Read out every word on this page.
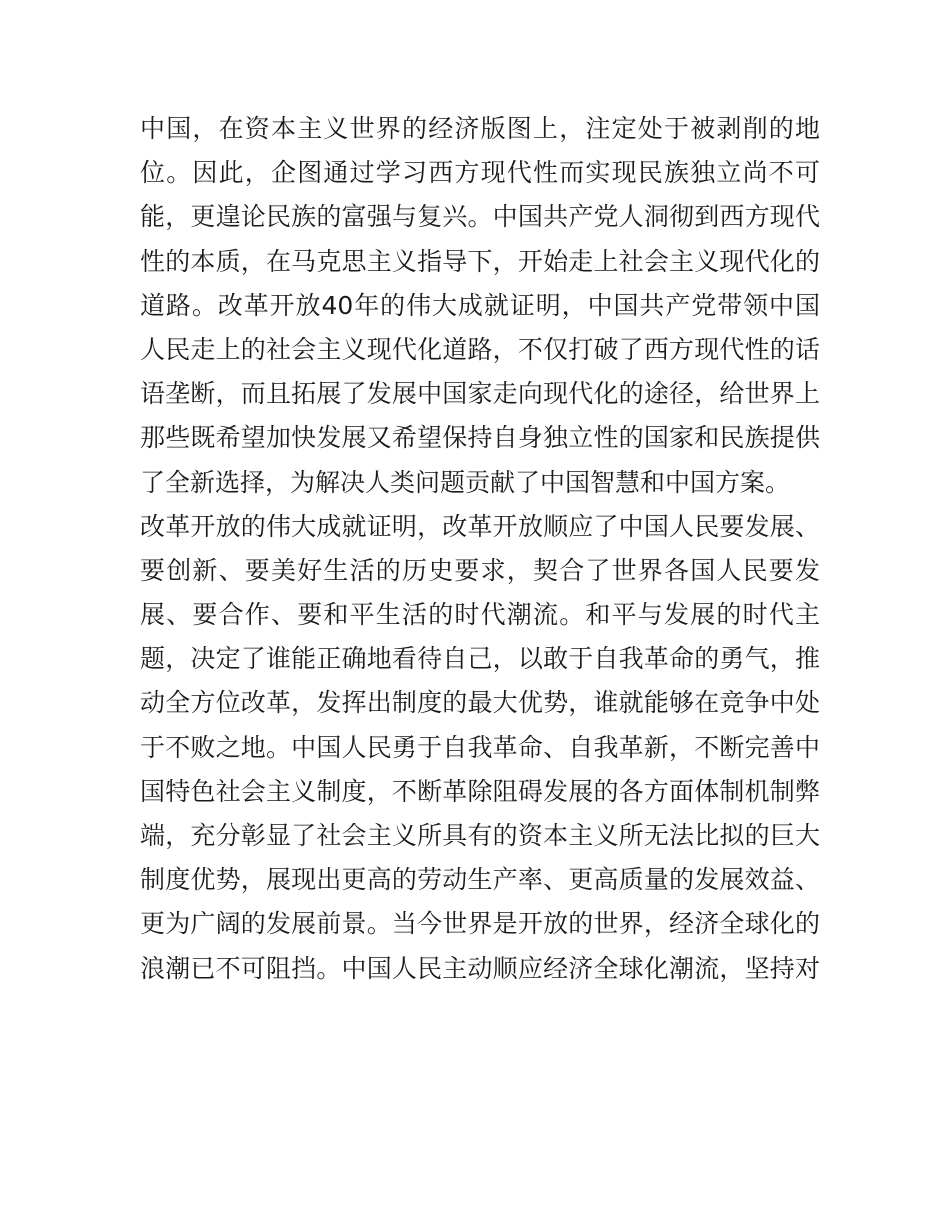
中国，在资本主义世界的经济版图上，注定处于被剥削的地
位。因此，企图通过学习西方现代性而实现民族独立尚不可
能，更遑论民族的富强与复兴。中国共产党人洞彻到西方现代
性的本质，在马克思主义指导下，开始走上社会主义现代化的
道路。改革开放40年的伟大成就证明，中国共产党带领中国
人民走上的社会主义现代化道路，不仅打破了西方现代性的话
语垄断，而且拓展了发展中国家走向现代化的途径，给世界上
那些既希望加快发展又希望保持自身独立性的国家和民族提供
了全新选择，为解决人类问题贡献了中国智慧和中国方案。
改革开放的伟大成就证明，改革开放顺应了中国人民要发展、
要创新、要美好生活的历史要求，契合了世界各国人民要发
展、要合作、要和平生活的时代潮流。和平与发展的时代主
题，决定了谁能正确地看待自己，以敢于自我革命的勇气，推
动全方位改革，发挥出制度的最大优势，谁就能够在竞争中处
于不败之地。中国人民勇于自我革命、自我革新，不断完善中
国特色社会主义制度，不断革除阻碍发展的各方面体制机制弊
端，充分彰显了社会主义所具有的资本主义所无法比拟的巨大
制度优势，展现出更高的劳动生产率、更高质量的发展效益、
更为广阔的发展前景。当今世界是开放的世界，经济全球化的
浪潮已不可阻挡。中国人民主动顺应经济全球化潮流，坚持对
